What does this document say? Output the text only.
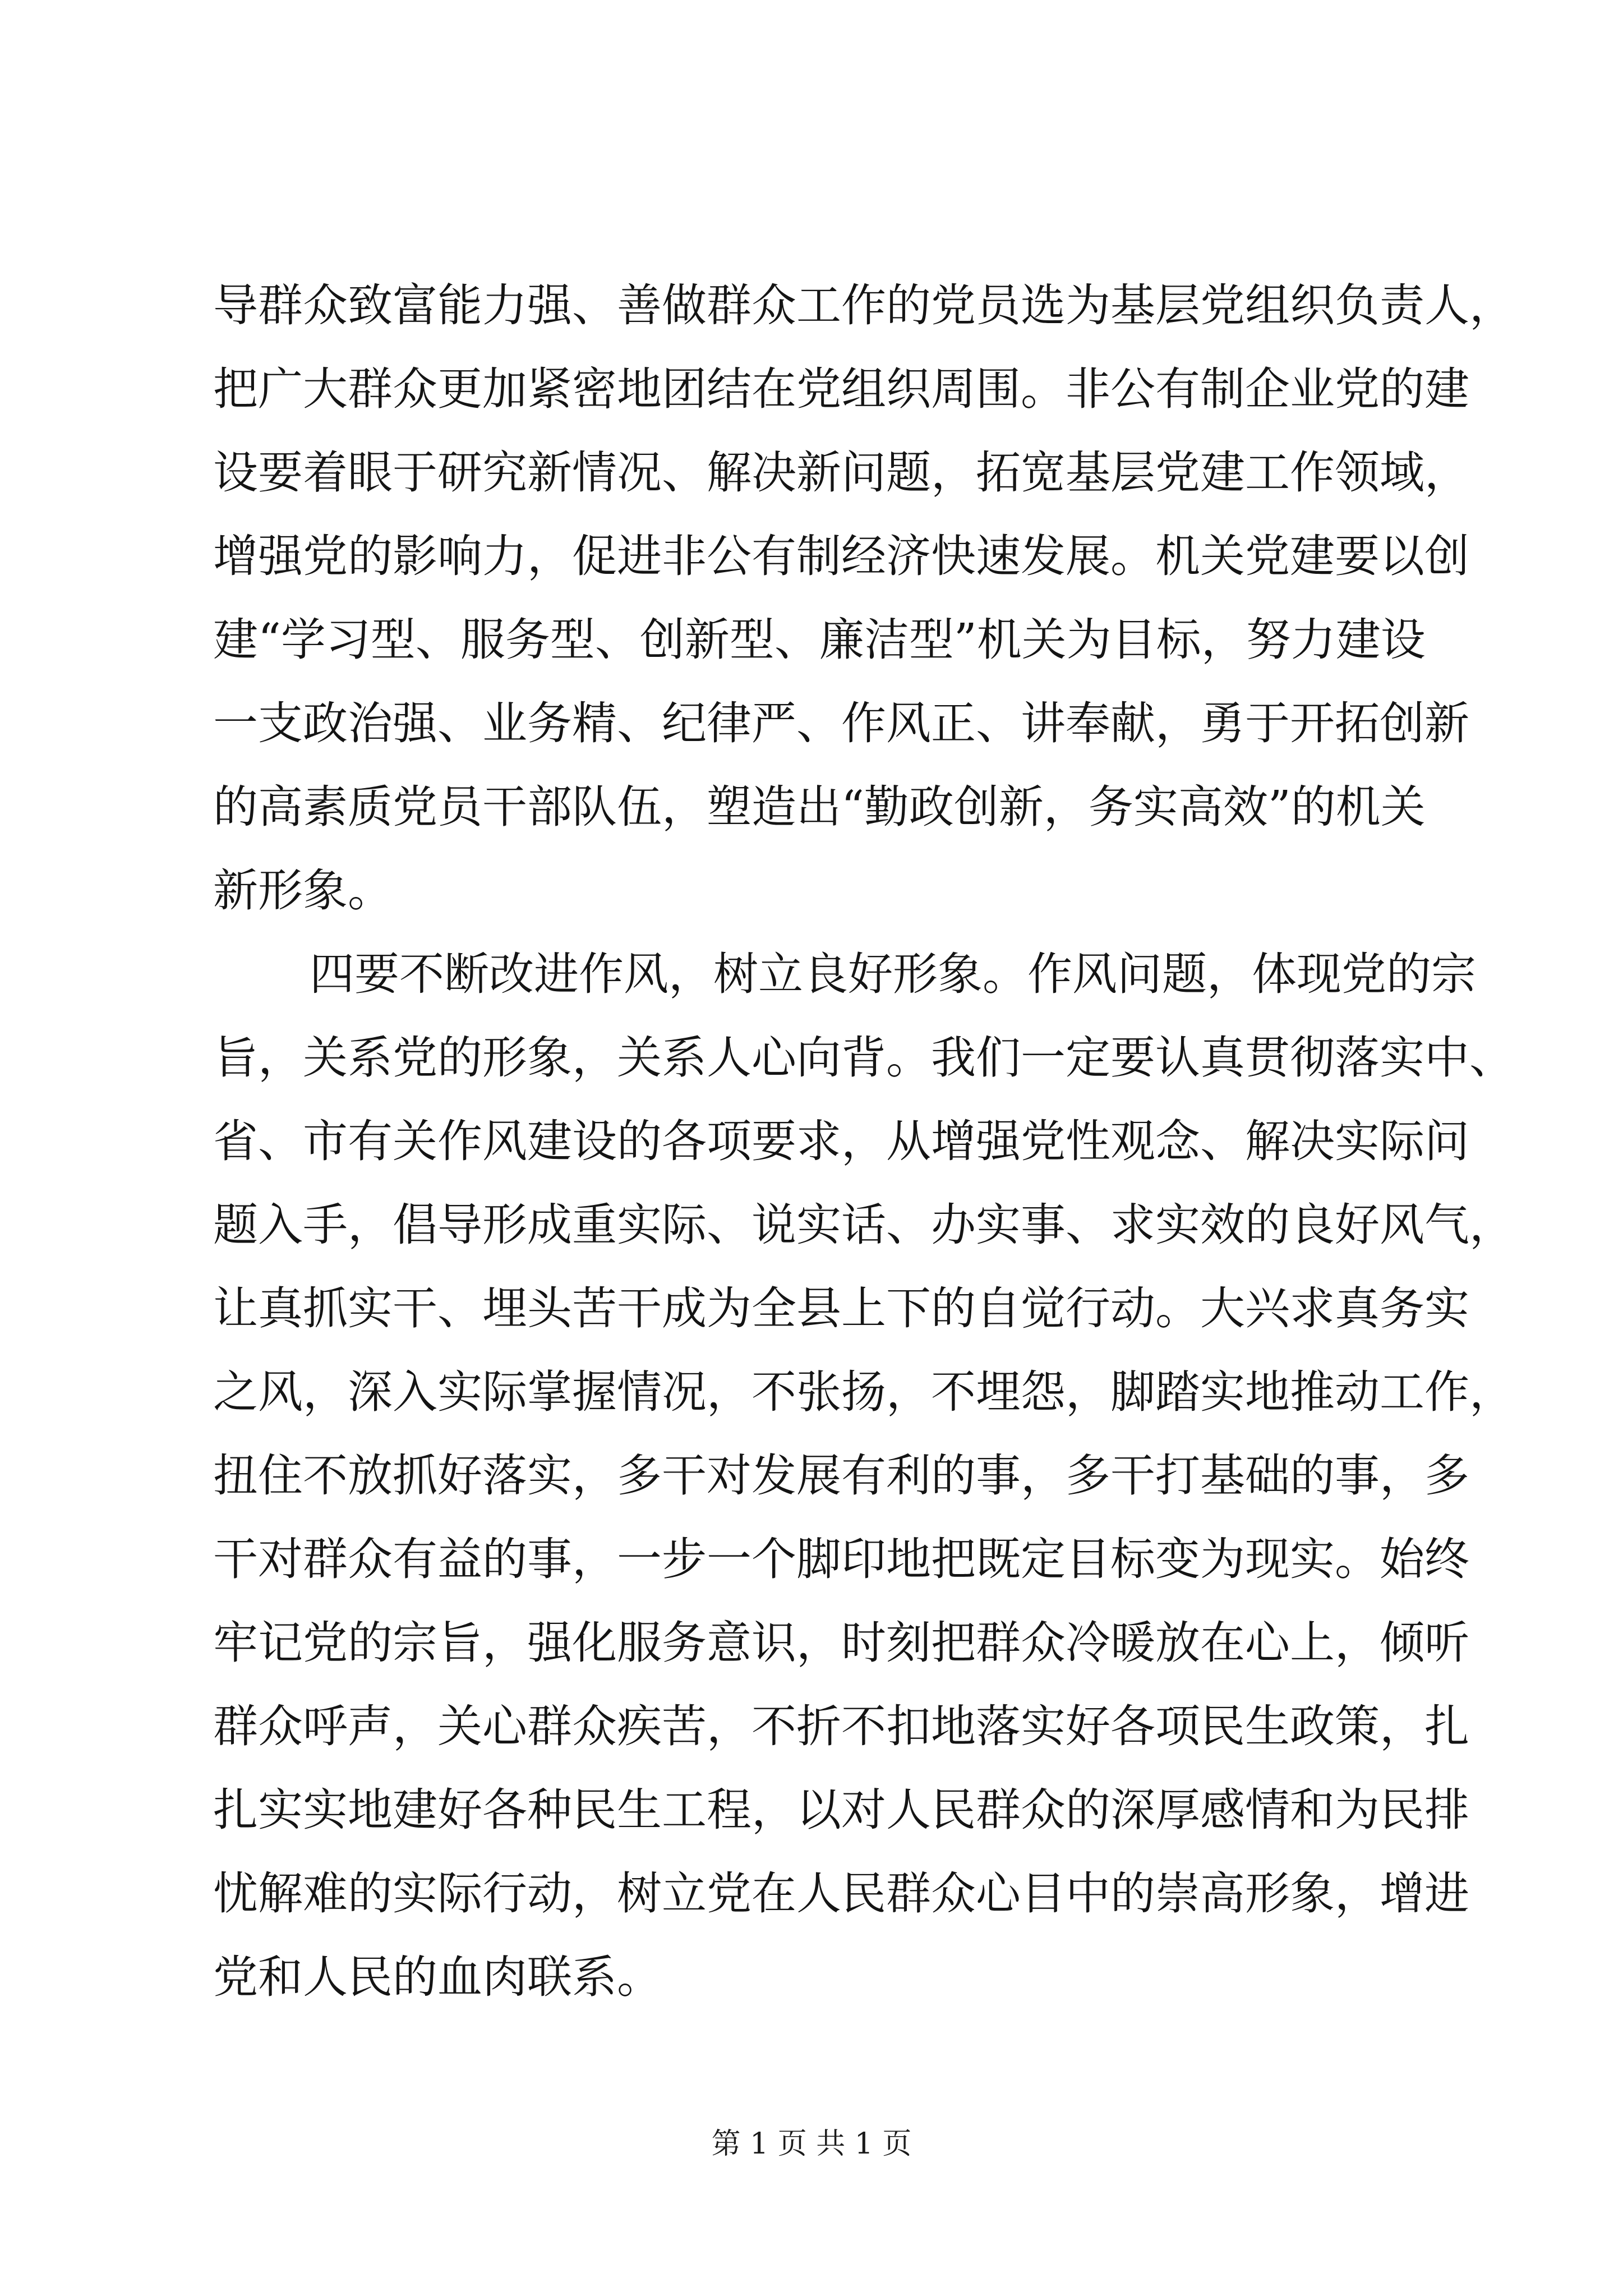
导群众致富能力强、善做群众工作的党员选为基层党组织负责人，
把广大群众更加紧密地团结在党组织周围。非公有制企业党的建
设要着眼于研究新情况、解决新问题，拓宽基层党建工作领域，
增强党的影响力，促进非公有制经济快速发展。机关党建要以创
建“学习型、服务型、创新型、廉洁型”机关为目标，努力建设
一支政治强、业务精、纪律严、作风正、讲奉献，勇于开拓创新
的高素质党员干部队伍，塑造出“勤政创新，务实高效”的机关
新形象。
四要不断改进作风，树立良好形象。作风问题，体现党的宗
旨，关系党的形象，关系人心向背。我们一定要认真贯彻落实中、
省、市有关作风建设的各项要求，从增强党性观念、解决实际问
题入手，倡导形成重实际、说实话、办实事、求实效的良好风气，
让真抓实干、埋头苦干成为全县上下的自觉行动。大兴求真务实
之风，深入实际掌握情况，不张扬，不埋怨，脚踏实地推动工作，
扭住不放抓好落实，多干对发展有利的事，多干打基础的事，多
干对群众有益的事，一步一个脚印地把既定目标变为现实。始终
牢记党的宗旨，强化服务意识，时刻把群众冷暖放在心上，倾听
群众呼声，关心群众疾苦，不折不扣地落实好各项民生政策，扎
扎实实地建好各种民生工程，以对人民群众的深厚感情和为民排
忧解难的实际行动，树立党在人民群众心目中的崇高形象，增进
党和人民的血肉联系。
第 1 页 共 1 页
